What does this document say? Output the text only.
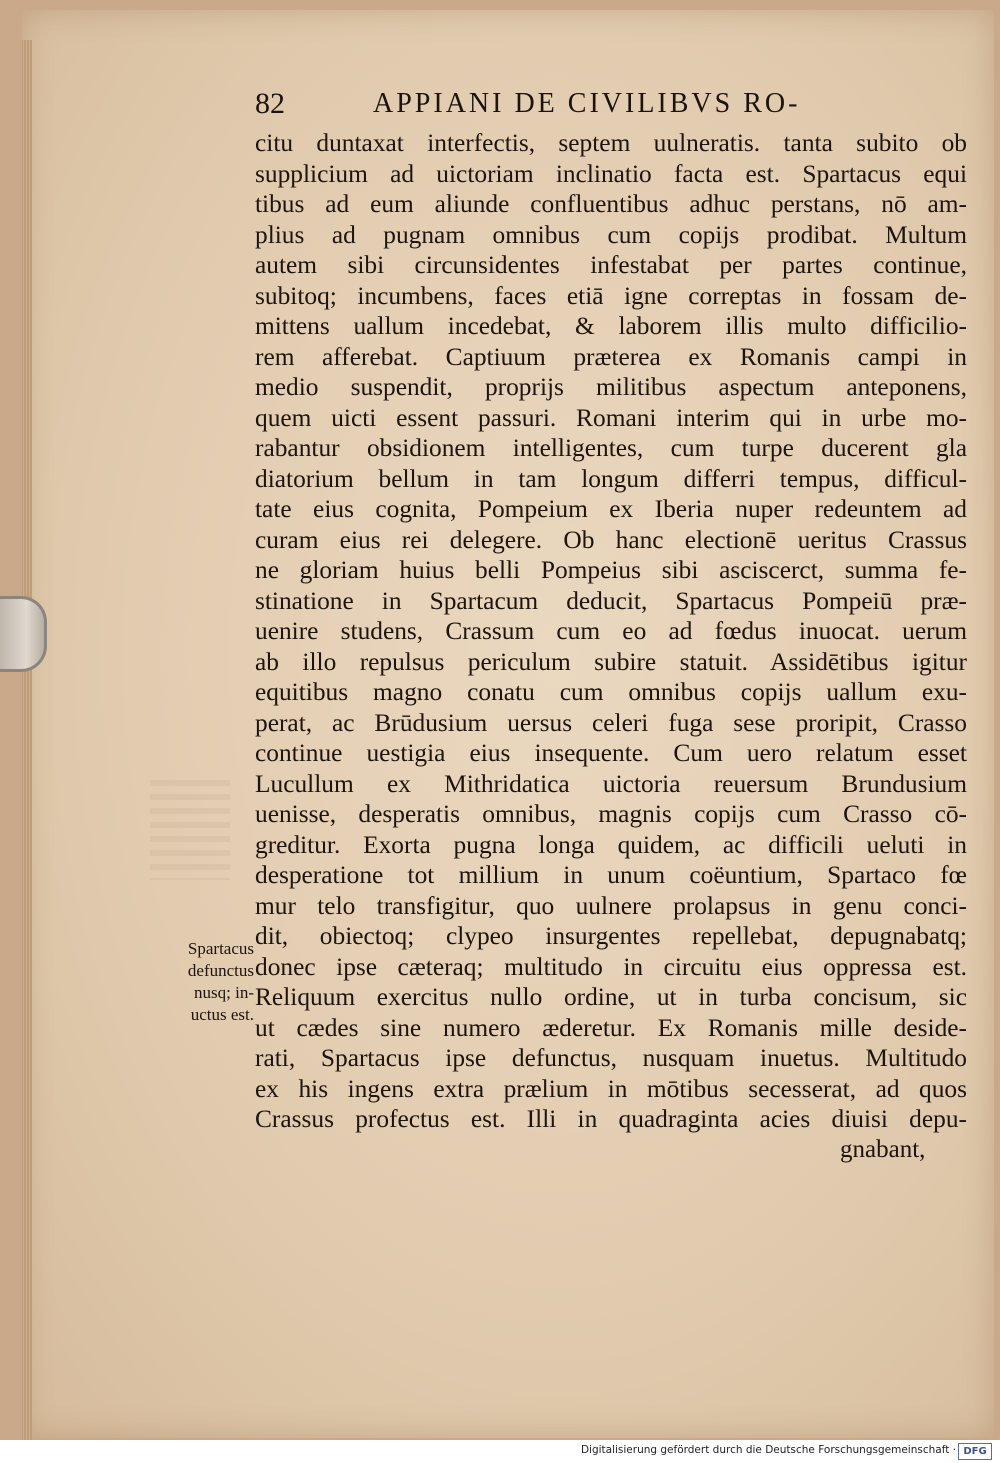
82	APPIANI DE CIVILIBVS RO-
citu duntaxat interfectis, septem uulneratis. tanta subito ob
supplicium ad uictoriam inclinatio facta est. Spartacus equi
tibus ad eum aliunde confluentibus adhuc perstans, nō am-
plius ad pugnam omnibus cum copijs prodibat. Multum
autem sibi circunsidentes infestabat per partes continue,
subitoq; incumbens, faces etiā igne correptas in fossam de-
mittens uallum incedebat, & laborem illis multo difficilio-
rem afferebat. Captiuum præterea ex Romanis campi in
medio suspendit, proprijs militibus aspectum anteponens,
quem uicti essent passuri. Romani interim qui in urbe mo-
rabantur obsidionem intelligentes, cum turpe ducerent gla
diatorium bellum in tam longum differri tempus, difficul-
tate eius cognita, Pompeium ex Iberia nuper redeuntem ad
curam eius rei delegere. Ob hanc electionē ueritus Crassus
ne gloriam huius belli Pompeius sibi asciscerct, summa fe-
stinatione in Spartacum deducit, Spartacus Pompeiū præ-
uenire studens, Crassum cum eo ad fœdus inuocat. uerum
ab illo repulsus periculum subire statuit. Assidētibus igitur
equitibus magno conatu cum omnibus copijs uallum exu-
perat, ac Brūdusium uersus celeri fuga sese proripit, Crasso
continue uestigia eius insequente. Cum uero relatum esset
Lucullum ex Mithridatica uictoria reuersum Brundusium
uenisse, desperatis omnibus, magnis copijs cum Crasso cō-
greditur. Exorta pugna longa quidem, ac difficili ueluti in
desperatione tot millium in unum coëuntium, Spartaco fœ
mur telo transfigitur, quo uulnere prolapsus in genu conci-
dit, obiectoq; clypeo insurgentes repellebat, depugnabatq;
donec ipse cæteraq; multitudo in circuitu eius oppressa est.
Reliquum exercitus nullo ordine, ut in turba concisum, sic
ut cædes sine numero æderetur. Ex Romanis mille deside-
rati, Spartacus ipse defunctus, nusquam inuetus. Multitudo
ex his ingens extra prælium in mōtibus secesserat, ad quos
Crassus profectus est. Illi in quadraginta acies diuisi depu-
gnabant,
Spartacus
defunctus
nusq; in-
uctus est.
Digitalisierung gefördert durch die Deutsche Forschungsgemeinschaft · DFG
